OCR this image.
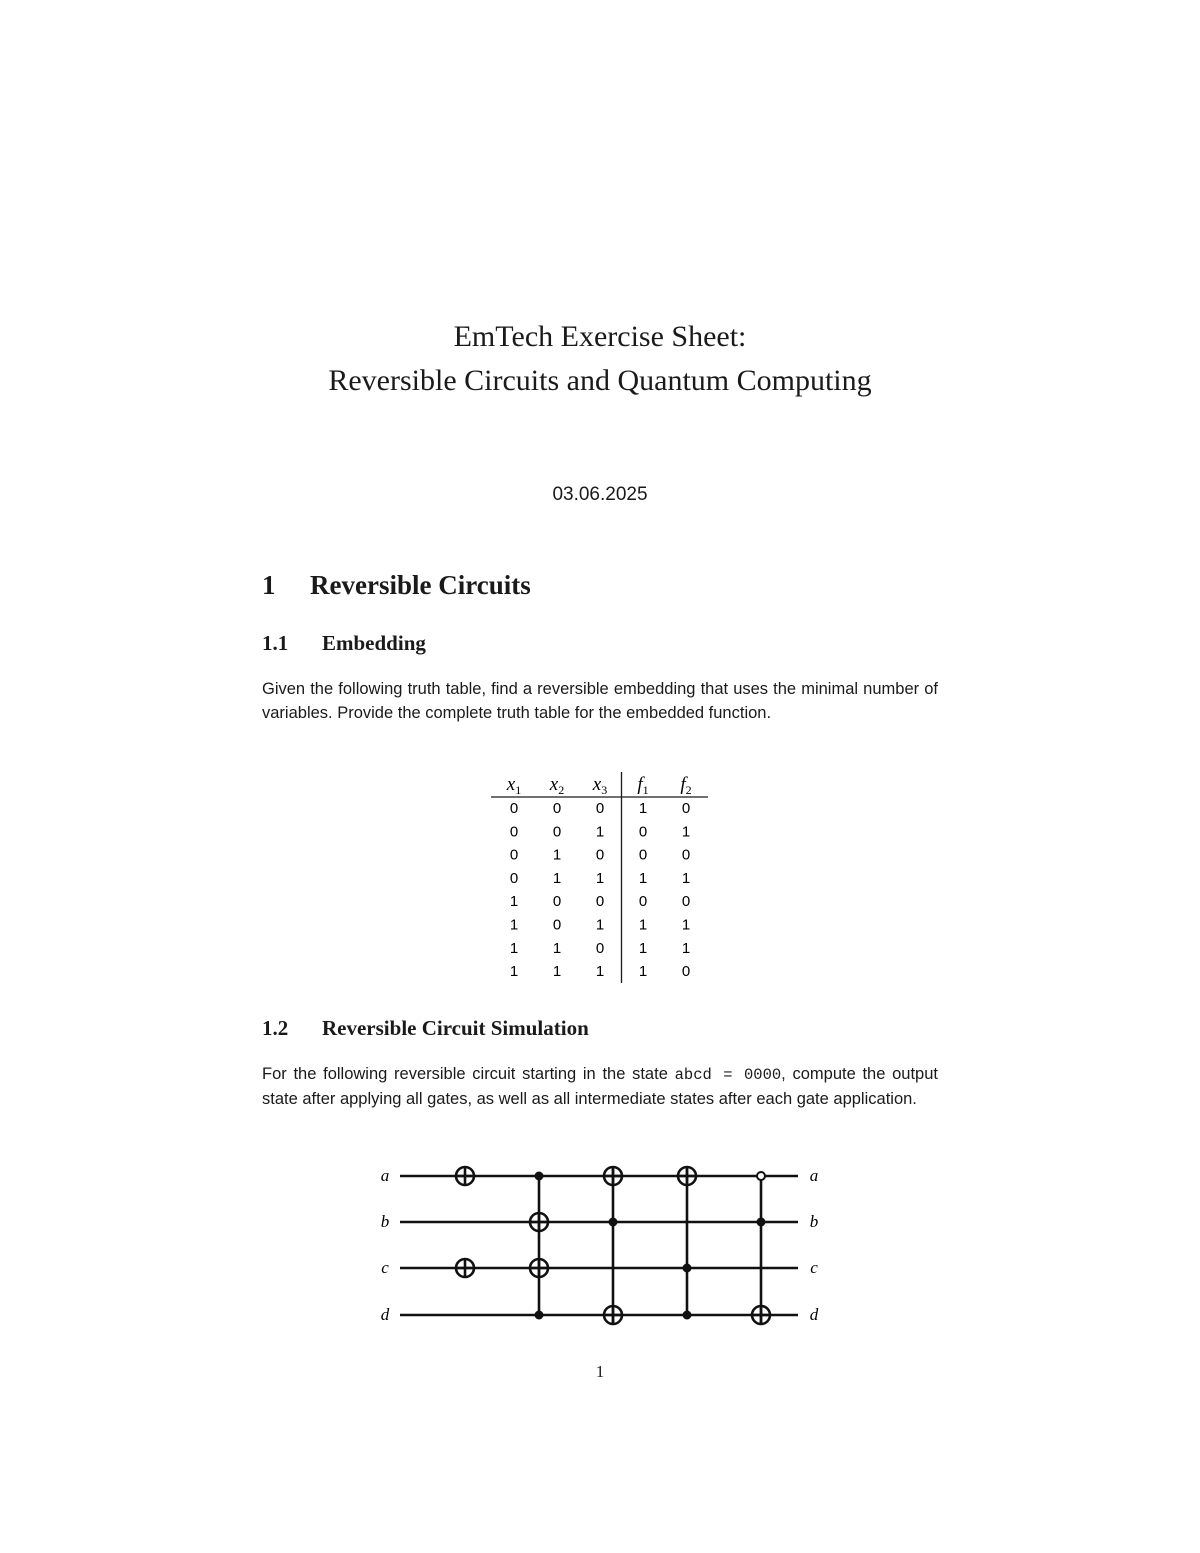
EmTech Exercise Sheet:
Reversible Circuits and Quantum Computing
03.06.2025
1 Reversible Circuits
1.1 Embedding

Given the following truth table, find a reversible embedding that uses the minimal number of variables. Provide the complete truth table for the embedded function.

$x_1$ $x_2$ $x_3$ $f_1$ $f_2$
0 0 0 1 0
0 0 1 0 1
0 1 0 0 0
0 1 1 1 1
1 0 0 0 0
1 0 1 1 1
1 1 0 1 1
1 1 1 1 0
1.2 Reversible Circuit Simulation

For the following reversible circuit starting in the state abcd = 0000, compute the output state after applying all gates, as well as all intermediate states after each gate application.

a	a
b	b
c	c
d	d
1
